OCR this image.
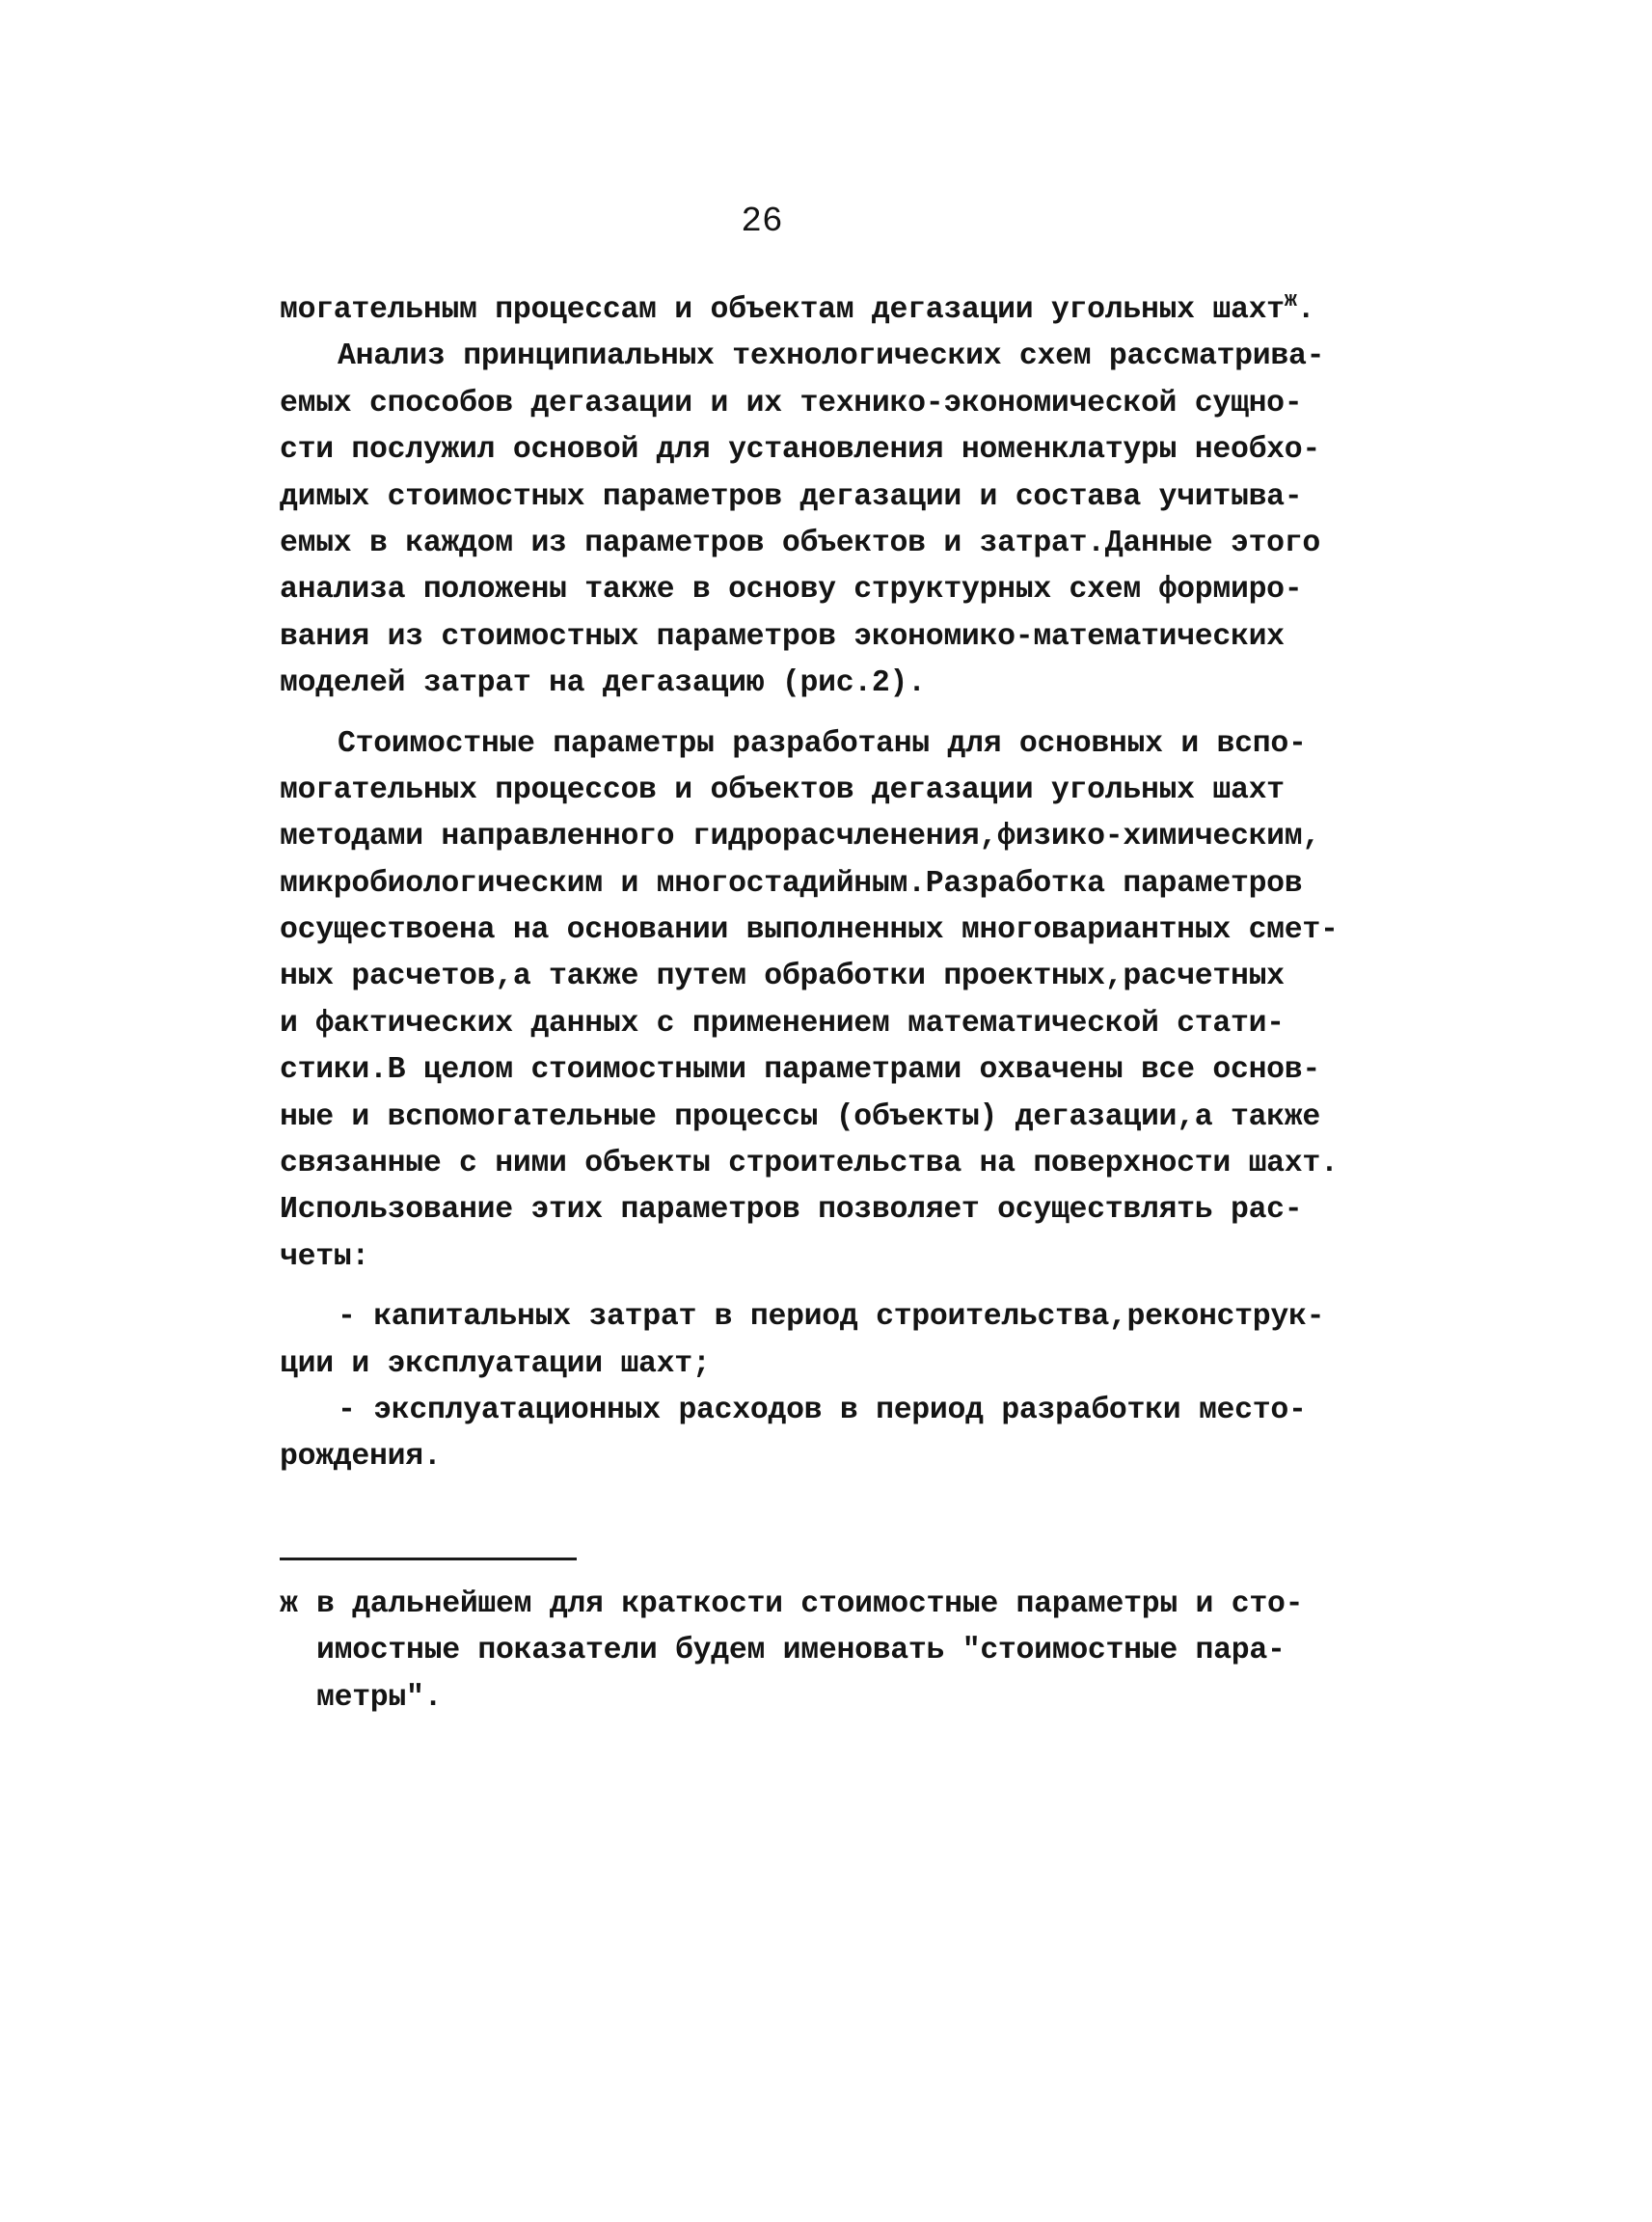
26
могательным процессам и объектам дегазации угольных шахт$^ж$.
Анализ принципиальных технологических схем рассматрива-
емых способов дегазации и их технико-экономической сущно-
сти послужил основой для установления номенклатуры необхо-
димых стоимостных параметров дегазации и состава учитыва-
емых в каждом из параметров объектов и затрат.Данные этого
анализа положены также в основу структурных схем формиро-
вания из стоимостных параметров экономико-математических
моделей затрат на дегазацию (рис.2).
Стоимостные параметры разработаны для основных и вспо-
могательных процессов и объектов дегазации угольных шахт
методами направленного гидрорасчленения,физико-химическим,
микробиологическим и многостадийным.Разработка параметров
осуществоена на основании выполненных многовариантных смет-
ных расчетов,а также путем обработки проектных,расчетных
и фактических данных с применением математической стати-
стики.В целом стоимостными параметрами охвачены все основ-
ные и вспомогательные процессы (объекты) дегазации,а также
связанные с ними объекты строительства на поверхности шахт.
Использование этих параметров позволяет осуществлять рас-
четы:
- капитальных затрат в период строительства,реконструк-
ции и эксплуатации шахт;
- эксплуатационных расходов в период разработки место-
рождения.
ж в дальнейшем для краткости стоимостные параметры и сто-
имостные показатели будем именовать "стоимостные пара-
метры".
